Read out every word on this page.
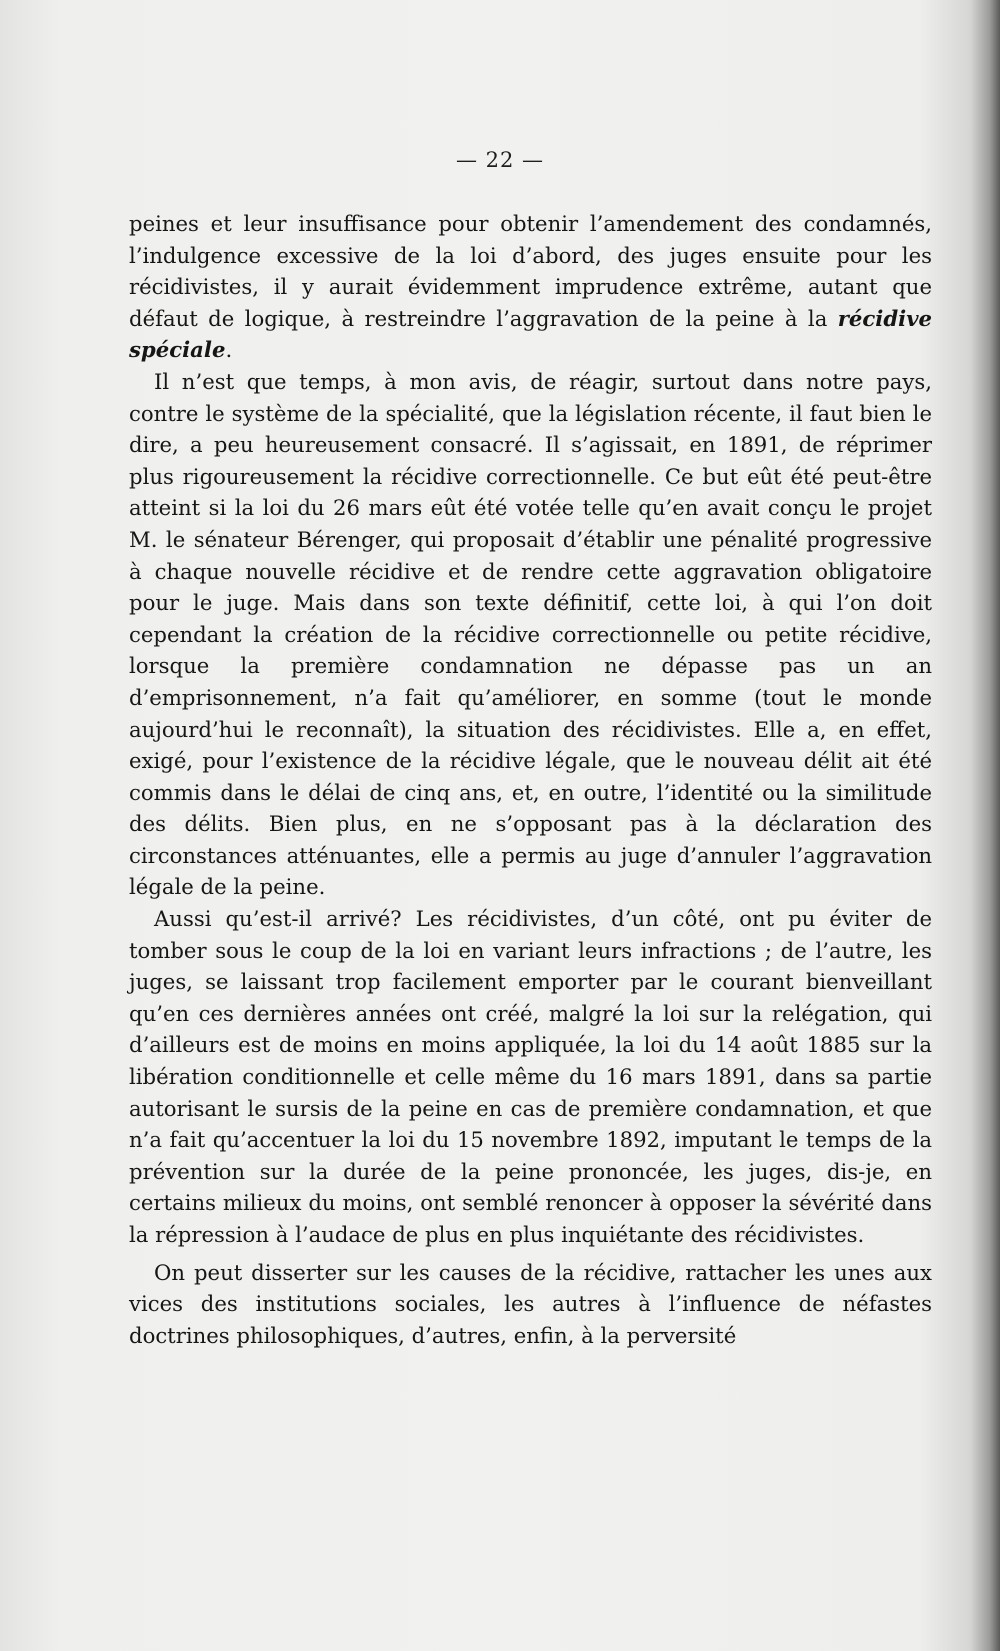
— 22 —

peines et leur insuffisance pour obtenir l’amendement des condamnés, l’indulgence excessive de la loi d’abord, des juges ensuite pour les récidivistes, il y aurait évidemment imprudence extrême, autant que défaut de logique, à restreindre l’aggravation de la peine à la récidive spéciale.

Il n’est que temps, à mon avis, de réagir, surtout dans notre pays, contre le système de la spécialité, que la législation récente, il faut bien le dire, a peu heureusement consacré. Il s’agissait, en 1891, de réprimer plus rigoureusement la récidive correctionnelle. Ce but eût été peut-être atteint si la loi du 26 mars eût été votée telle qu’en avait conçu le projet M. le sénateur Bérenger, qui proposait d’établir une pénalité progressive à chaque nouvelle récidive et de rendre cette aggravation obligatoire pour le juge. Mais dans son texte définitif, cette loi, à qui l’on doit cependant la création de la récidive correctionnelle ou petite récidive, lorsque la première condamnation ne dépasse pas un an d’emprisonnement, n’a fait qu’améliorer, en somme (tout le monde aujourd’hui le reconnaît), la situation des récidivistes. Elle a, en effet, exigé, pour l’existence de la récidive légale, que le nouveau délit ait été commis dans le délai de cinq ans, et, en outre, l’identité ou la similitude des délits. Bien plus, en ne s’opposant pas à la déclaration des circonstances atténuantes, elle a permis au juge d’annuler l’aggravation légale de la peine.

Aussi qu’est-il arrivé? Les récidivistes, d’un côté, ont pu éviter de tomber sous le coup de la loi en variant leurs infractions ; de l’autre, les juges, se laissant trop facilement emporter par le courant bienveillant qu’en ces dernières années ont créé, malgré la loi sur la relégation, qui d’ailleurs est de moins en moins appliquée, la loi du 14 août 1885 sur la libération conditionnelle et celle même du 16 mars 1891, dans sa partie autorisant le sursis de la peine en cas de première condamnation, et que n’a fait qu’accentuer la loi du 15 novembre 1892, imputant le temps de la prévention sur la durée de la peine prononcée, les juges, dis-je, en certains milieux du moins, ont semblé renoncer à opposer la sévérité dans la répression à l’audace de plus en plus inquiétante des récidivistes.

On peut disserter sur les causes de la récidive, rattacher les unes aux vices des institutions sociales, les autres à l’influence de néfastes doctrines philosophiques, d’autres, enfin, à la perversité
